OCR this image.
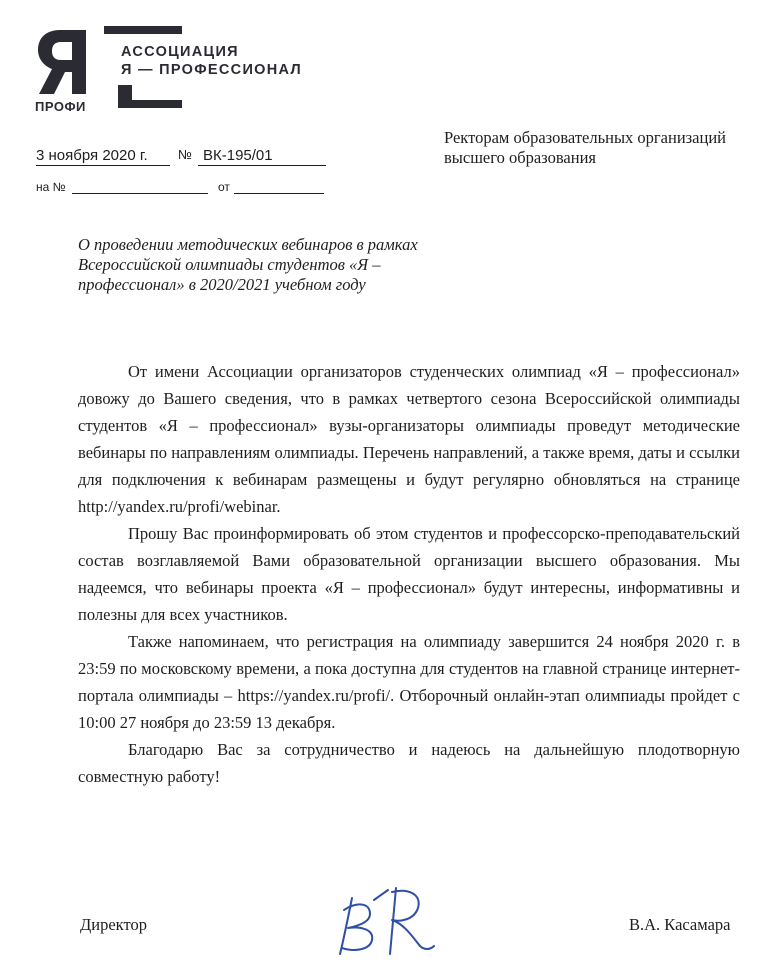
ПРОФИ
АССОЦИАЦИЯ
Я — ПРОФЕССИОНАЛ
3 ноября 2020 г. № ВК-195/01
на №	от
Ректорам образовательных организаций высшего образования
О проведении методических вебинаров в рамках Всероссийской олимпиады студентов «Я – профессионал» в 2020/2021 учебном году

От имени Ассоциации организаторов студенческих олимпиад «Я – профессионал» довожу до Вашего сведения, что в рамках четвертого сезона Всероссийской олимпиады студентов «Я – профессионал» вузы-организаторы олимпиады проведут методические вебинары по направлениям олимпиады. Перечень направлений, а также время, даты и ссылки для подключения к вебинарам размещены и будут регулярно обновляться на странице http://yandex.ru/profi/webinar.

Прошу Вас проинформировать об этом студентов и профессорско-преподавательский состав возглавляемой Вами образовательной организации высшего образования. Мы надеемся, что вебинары проекта «Я – профессионал» будут интересны, информативны и полезны для всех участников.

Также напоминаем, что регистрация на олимпиаду завершится 24 ноября 2020 г. в 23:59 по московскому времени, а пока доступна для студентов на главной странице интернет-портала олимпиады – https://yandex.ru/profi/. Отборочный онлайн-этап олимпиады пройдет с 10:00 27 ноября до 23:59 13 декабря.

Благодарю Вас за сотрудничество и надеюсь на дальнейшую плодотворную совместную работу!

Директор	В.А. Касамара
